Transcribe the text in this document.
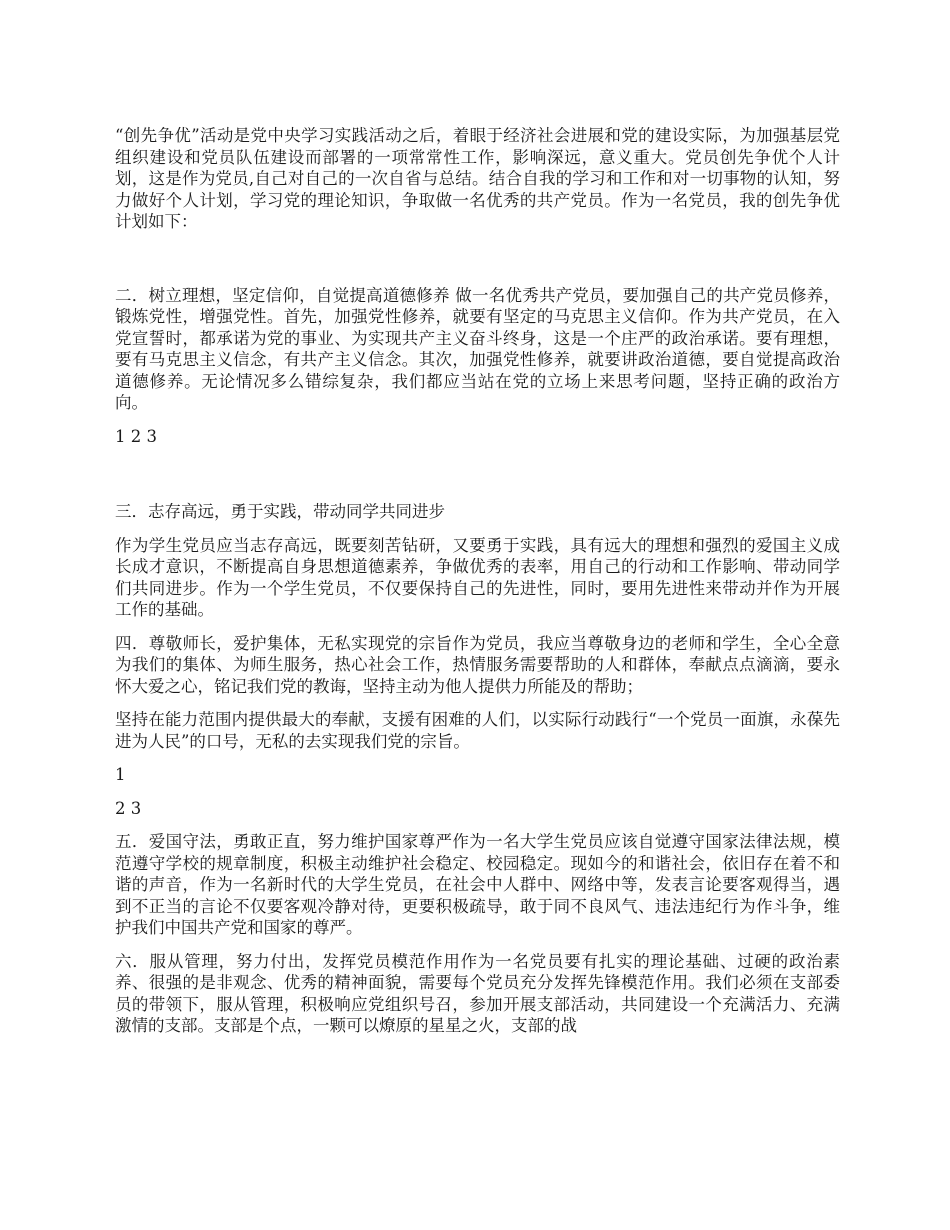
“创先争优”活动是党中央学习实践活动之后，着眼于经济社会进展和党的建设实际，为加强基层党组织建设和党员队伍建设而部署的一项常常性工作，影响深远，意义重大。党员创先争优个人计划，这是作为党员,自己对自己的一次自省与总结。结合自我的学习和工作和对一切事物的认知，努力做好个人计划，学习党的理论知识，争取做一名优秀的共产党员。作为一名党员，我的创先争优计划如下：

二．树立理想，坚定信仰，自觉提高道德修养 做一名优秀共产党员，要加强自己的共产党员修养，锻炼党性，增强党性。首先，加强党性修养，就要有坚定的马克思主义信仰。作为共产党员，在入党宣誓时，都承诺为党的事业、为实现共产主义奋斗终身，这是一个庄严的政治承诺。要有理想，要有马克思主义信念，有共产主义信念。其次，加强党性修养，就要讲政治道德，要自觉提高政治道德修养。无论情况多么错综复杂，我们都应当站在党的立场上来思考问题，坚持正确的政治方向。

1 2 3

三．志存高远，勇于实践，带动同学共同进步

作为学生党员应当志存高远，既要刻苦钻研，又要勇于实践，具有远大的理想和强烈的爱国主义成长成才意识，不断提高自身思想道德素养，争做优秀的表率，用自己的行动和工作影响、带动同学们共同进步。作为一个学生党员，不仅要保持自己的先进性，同时，要用先进性来带动并作为开展工作的基础。

四．尊敬师长，爱护集体，无私实现党的宗旨作为党员，我应当尊敬身边的老师和学生，全心全意为我们的集体、为师生服务，热心社会工作，热情服务需要帮助的人和群体，奉献点点滴滴，要永怀大爱之心，铭记我们党的教诲，坚持主动为他人提供力所能及的帮助；

坚持在能力范围内提供最大的奉献，支援有困难的人们，以实际行动践行“一个党员一面旗，永葆先进为人民”的口号，无私的去实现我们党的宗旨。

1

2 3

五．爱国守法，勇敢正直，努力维护国家尊严作为一名大学生党员应该自觉遵守国家法律法规，模范遵守学校的规章制度，积极主动维护社会稳定、校园稳定。现如今的和谐社会，依旧存在着不和谐的声音，作为一名新时代的大学生党员，在社会中人群中、网络中等，发表言论要客观得当，遇到不正当的言论不仅要客观冷静对待，更要积极疏导，敢于同不良风气、违法违纪行为作斗争，维护我们中国共产党和国家的尊严。

六．服从管理，努力付出，发挥党员模范作用作为一名党员要有扎实的理论基础、过硬的政治素养、很强的是非观念、优秀的精神面貌，需要每个党员充分发挥先锋模范作用。我们必须在支部委员的带领下，服从管理，积极响应党组织号召，参加开展支部活动，共同建设一个充满活力、充满激情的支部。支部是个点，一颗可以燎原的星星之火，支部的战
